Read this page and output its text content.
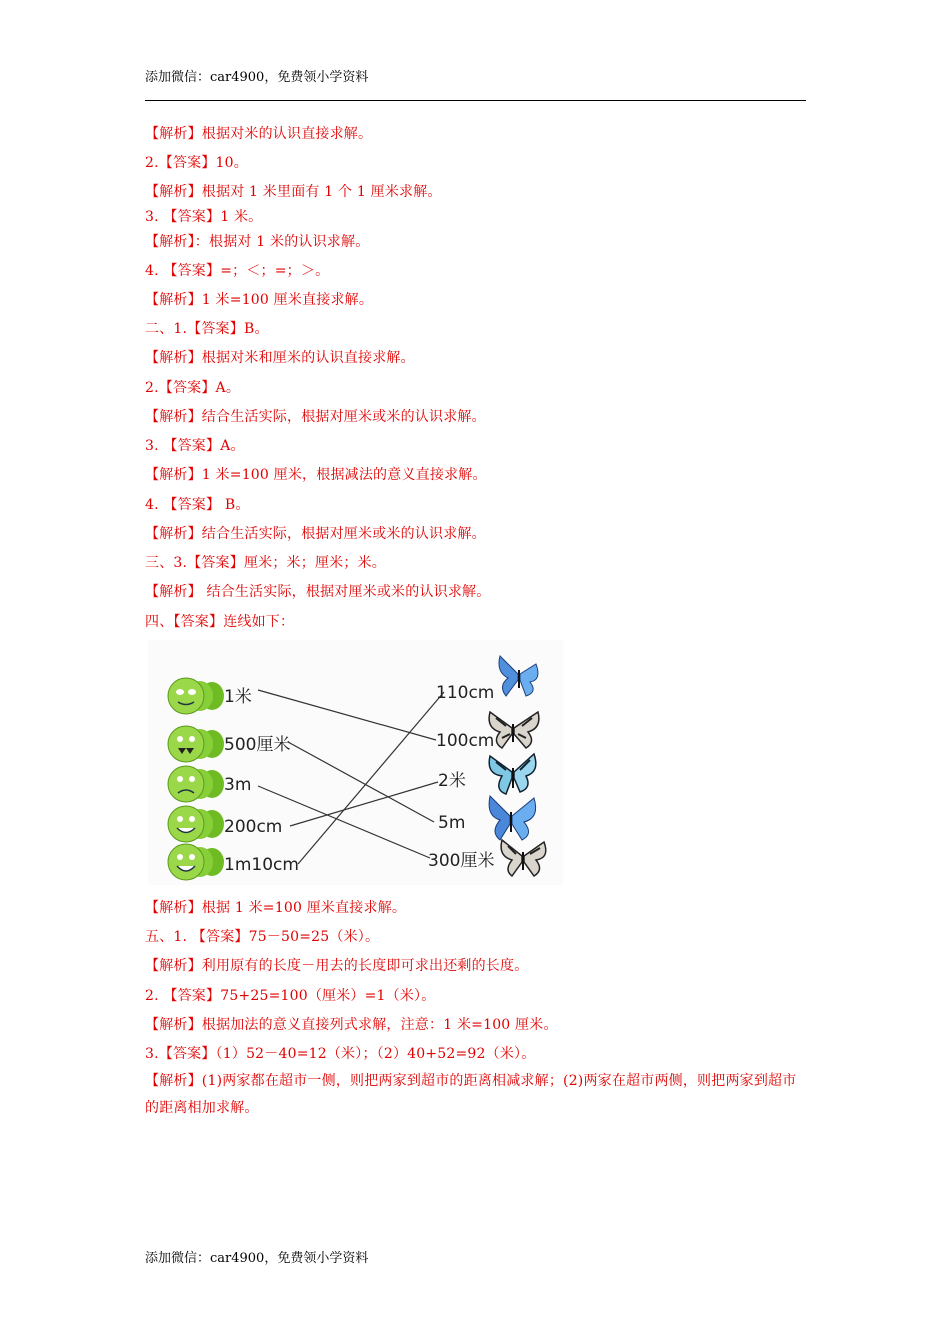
添加微信：car4900，免费领小学资料
【解析】根据对米的认识直接求解。
2.【答案】10。
【解析】根据对 1 米里面有 1 个 1 厘米求解。
3. 【答案】1 米。
【解析】：根据对 1 米的认识求解。
4. 【答案】=；＜；=；＞。
【解析】1 米=100 厘米直接求解。
二、1.【答案】B。
【解析】根据对米和厘米的认识直接求解。
2.【答案】A。
【解析】结合生活实际，根据对厘米或米的认识求解。
3. 【答案】A。
【解析】1 米=100 厘米，根据减法的意义直接求解。
4. 【答案】 B。
【解析】结合生活实际，根据对厘米或米的认识求解。
三、3.【答案】厘米；米；厘米；米。
【解析】 结合生活实际，根据对厘米或米的认识求解。
四、【答案】连线如下：
1米
500厘米
3m
200cm
1m10cm
110cm
100cm
2米
5m
300厘米
【解析】根据 1 米=100 厘米直接求解。
五、1. 【答案】75－50=25（米）。
【解析】利用原有的长度－用去的长度即可求出还剩的长度。
2. 【答案】75+25=100（厘米）=1（米）。
【解析】根据加法的意义直接列式求解，注意：1 米=100 厘米。
3.【答案】（1）52－40=12（米）；（2）40+52=92（米）。
【解析】(1)两家都在超市一侧，则把两家到超市的距离相减求解；(2)两家在超市两侧，则把两家到超市的距离相加求解。
添加微信：car4900，免费领小学资料
